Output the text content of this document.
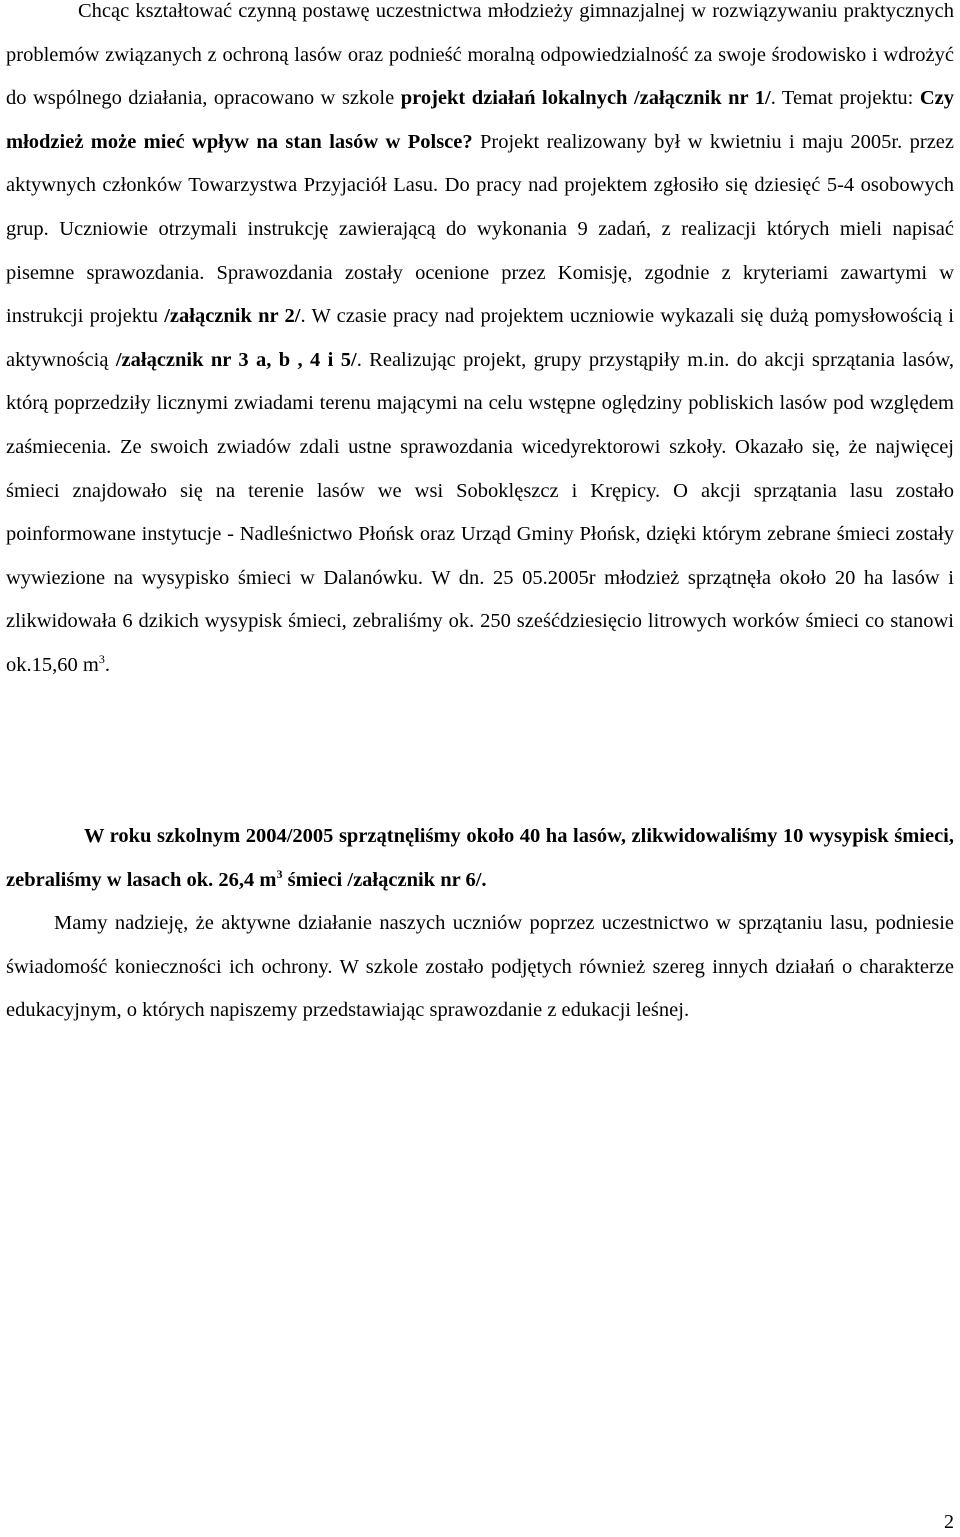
Chcąc kształtować czynną postawę uczestnictwa młodzieży gimnazjalnej w rozwiązywaniu praktycznych problemów związanych z ochroną lasów oraz podnieść moralną odpowiedzialność za swoje środowisko i wdrożyć do wspólnego działania, opracowano w szkole projekt działań lokalnych /załącznik nr 1/. Temat projektu: Czy młodzież może mieć wpływ na stan lasów w Polsce? Projekt realizowany był w kwietniu i maju 2005r. przez aktywnych członków Towarzystwa Przyjaciół Lasu. Do pracy nad projektem zgłosiło się dziesięć 5-4 osobowych grup. Uczniowie otrzymali instrukcję zawierającą do wykonania 9 zadań, z realizacji których mieli napisać pisemne sprawozdania. Sprawozdania zostały ocenione przez Komisję, zgodnie z kryteriami zawartymi w instrukcji projektu /załącznik nr 2/. W czasie pracy nad projektem uczniowie wykazali się dużą pomysłowością i aktywnością /załącznik nr 3 a, b , 4 i 5/. Realizując projekt, grupy przystąpiły m.in. do akcji sprzątania lasów, którą poprzedziły licznymi zwiadami terenu mającymi na celu wstępne oględziny pobliskich lasów pod względem zaśmiecenia. Ze swoich zwiadów zdali ustne sprawozdania wicedyrektorowi szkoły. Okazało się, że najwięcej śmieci znajdowało się na terenie lasów we wsi Soboklęszcz i Krępicy. O akcji sprzątania lasu zostało poinformowane instytucje - Nadleśnictwo Płońsk oraz Urząd Gminy Płońsk, dzięki którym zebrane śmieci zostały wywiezione na wysypisko śmieci w Dalanówku. W dn. 25 05.2005r młodzież sprzątnęła około 20 ha lasów i zlikwidowała 6 dzikich wysypisk śmieci, zebraliśmy ok. 250 sześćdziesięcio litrowych worków śmieci co stanowi ok.15,60 $m^3$.

W roku szkolnym 2004/2005 sprzątnęliśmy około 40 ha lasów, zlikwidowaliśmy 10 wysypisk śmieci, zebraliśmy w lasach ok. 26,4 $m^3$ śmieci /załącznik nr 6/.

Mamy nadzieję, że aktywne działanie naszych uczniów poprzez uczestnictwo w sprzątaniu lasu, podniesie świadomość konieczności ich ochrony. W szkole zostało podjętych również szereg innych działań o charakterze edukacyjnym, o których napiszemy przedstawiając sprawozdanie z edukacji leśnej.

2
